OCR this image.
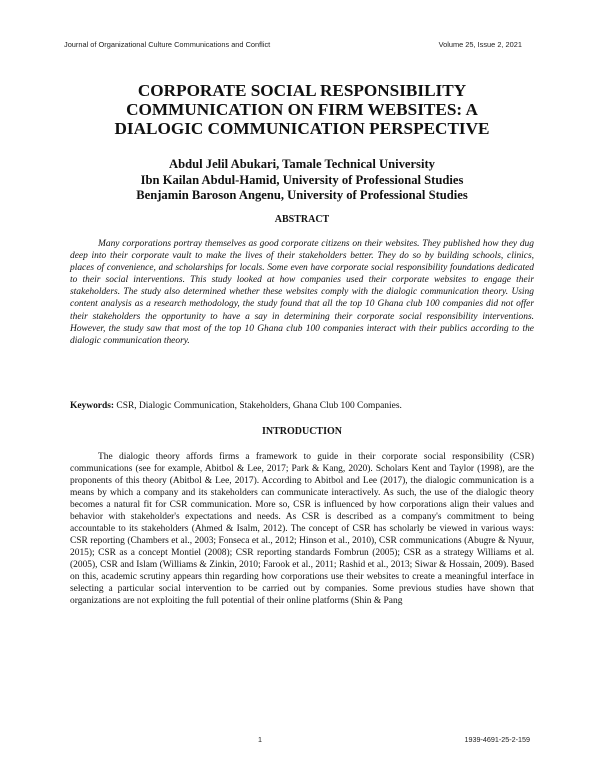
Journal of Organizational Culture Communications and Conflict	Volume 25, Issue 2, 2021
CORPORATE SOCIAL RESPONSIBILITY
COMMUNICATION ON FIRM WEBSITES: A
DIALOGIC COMMUNICATION PERSPECTIVE
Abdul Jelil Abukari, Tamale Technical University
Ibn Kailan Abdul-Hamid, University of Professional Studies
Benjamin Baroson Angenu, University of Professional Studies
ABSTRACT
Many corporations portray themselves as good corporate citizens on their websites. They published how they dug deep into their corporate vault to make the lives of their stakeholders better. They do so by building schools, clinics, places of convenience, and scholarships for locals. Some even have corporate social responsibility foundations dedicated to their social interventions. This study looked at how companies used their corporate websites to engage their stakeholders. The study also determined whether these websites comply with the dialogic communication theory. Using content analysis as a research methodology, the study found that all the top 10 Ghana club 100 companies did not offer their stakeholders the opportunity to have a say in determining their corporate social responsibility interventions. However, the study saw that most of the top 10 Ghana club 100 companies interact with their publics according to the dialogic communication theory.
Keywords: CSR, Dialogic Communication, Stakeholders, Ghana Club 100 Companies.
INTRODUCTION
The dialogic theory affords firms a framework to guide in their corporate social responsibility (CSR) communications (see for example, Abitbol & Lee, 2017; Park & Kang, 2020). Scholars Kent and Taylor (1998), are the proponents of this theory (Abitbol & Lee, 2017). According to Abitbol and Lee (2017), the dialogic communication is a means by which a company and its stakeholders can communicate interactively. As such, the use of the dialogic theory becomes a natural fit for CSR communication. More so, CSR is influenced by how corporations align their values and behavior with stakeholder's expectations and needs. As CSR is described as a company's commitment to being accountable to its stakeholders (Ahmed & Isalm, 2012). The concept of CSR has scholarly be viewed in various ways: CSR reporting (Chambers et al., 2003; Fonseca et al., 2012; Hinson et al., 2010), CSR communications (Abugre & Nyuur, 2015); CSR as a concept Montiel (2008); CSR reporting standards Fombrun (2005); CSR as a strategy Williams et al. (2005), CSR and Islam (Williams & Zinkin, 2010; Farook et al., 2011; Rashid et al., 2013; Siwar & Hossain, 2009). Based on this, academic scrutiny appears thin regarding how corporations use their websites to create a meaningful interface in selecting a particular social intervention to be carried out by companies. Some previous studies have shown that organizations are not exploiting the full potential of their online platforms (Shin & Pang
1	1939-4691-25-2-159
